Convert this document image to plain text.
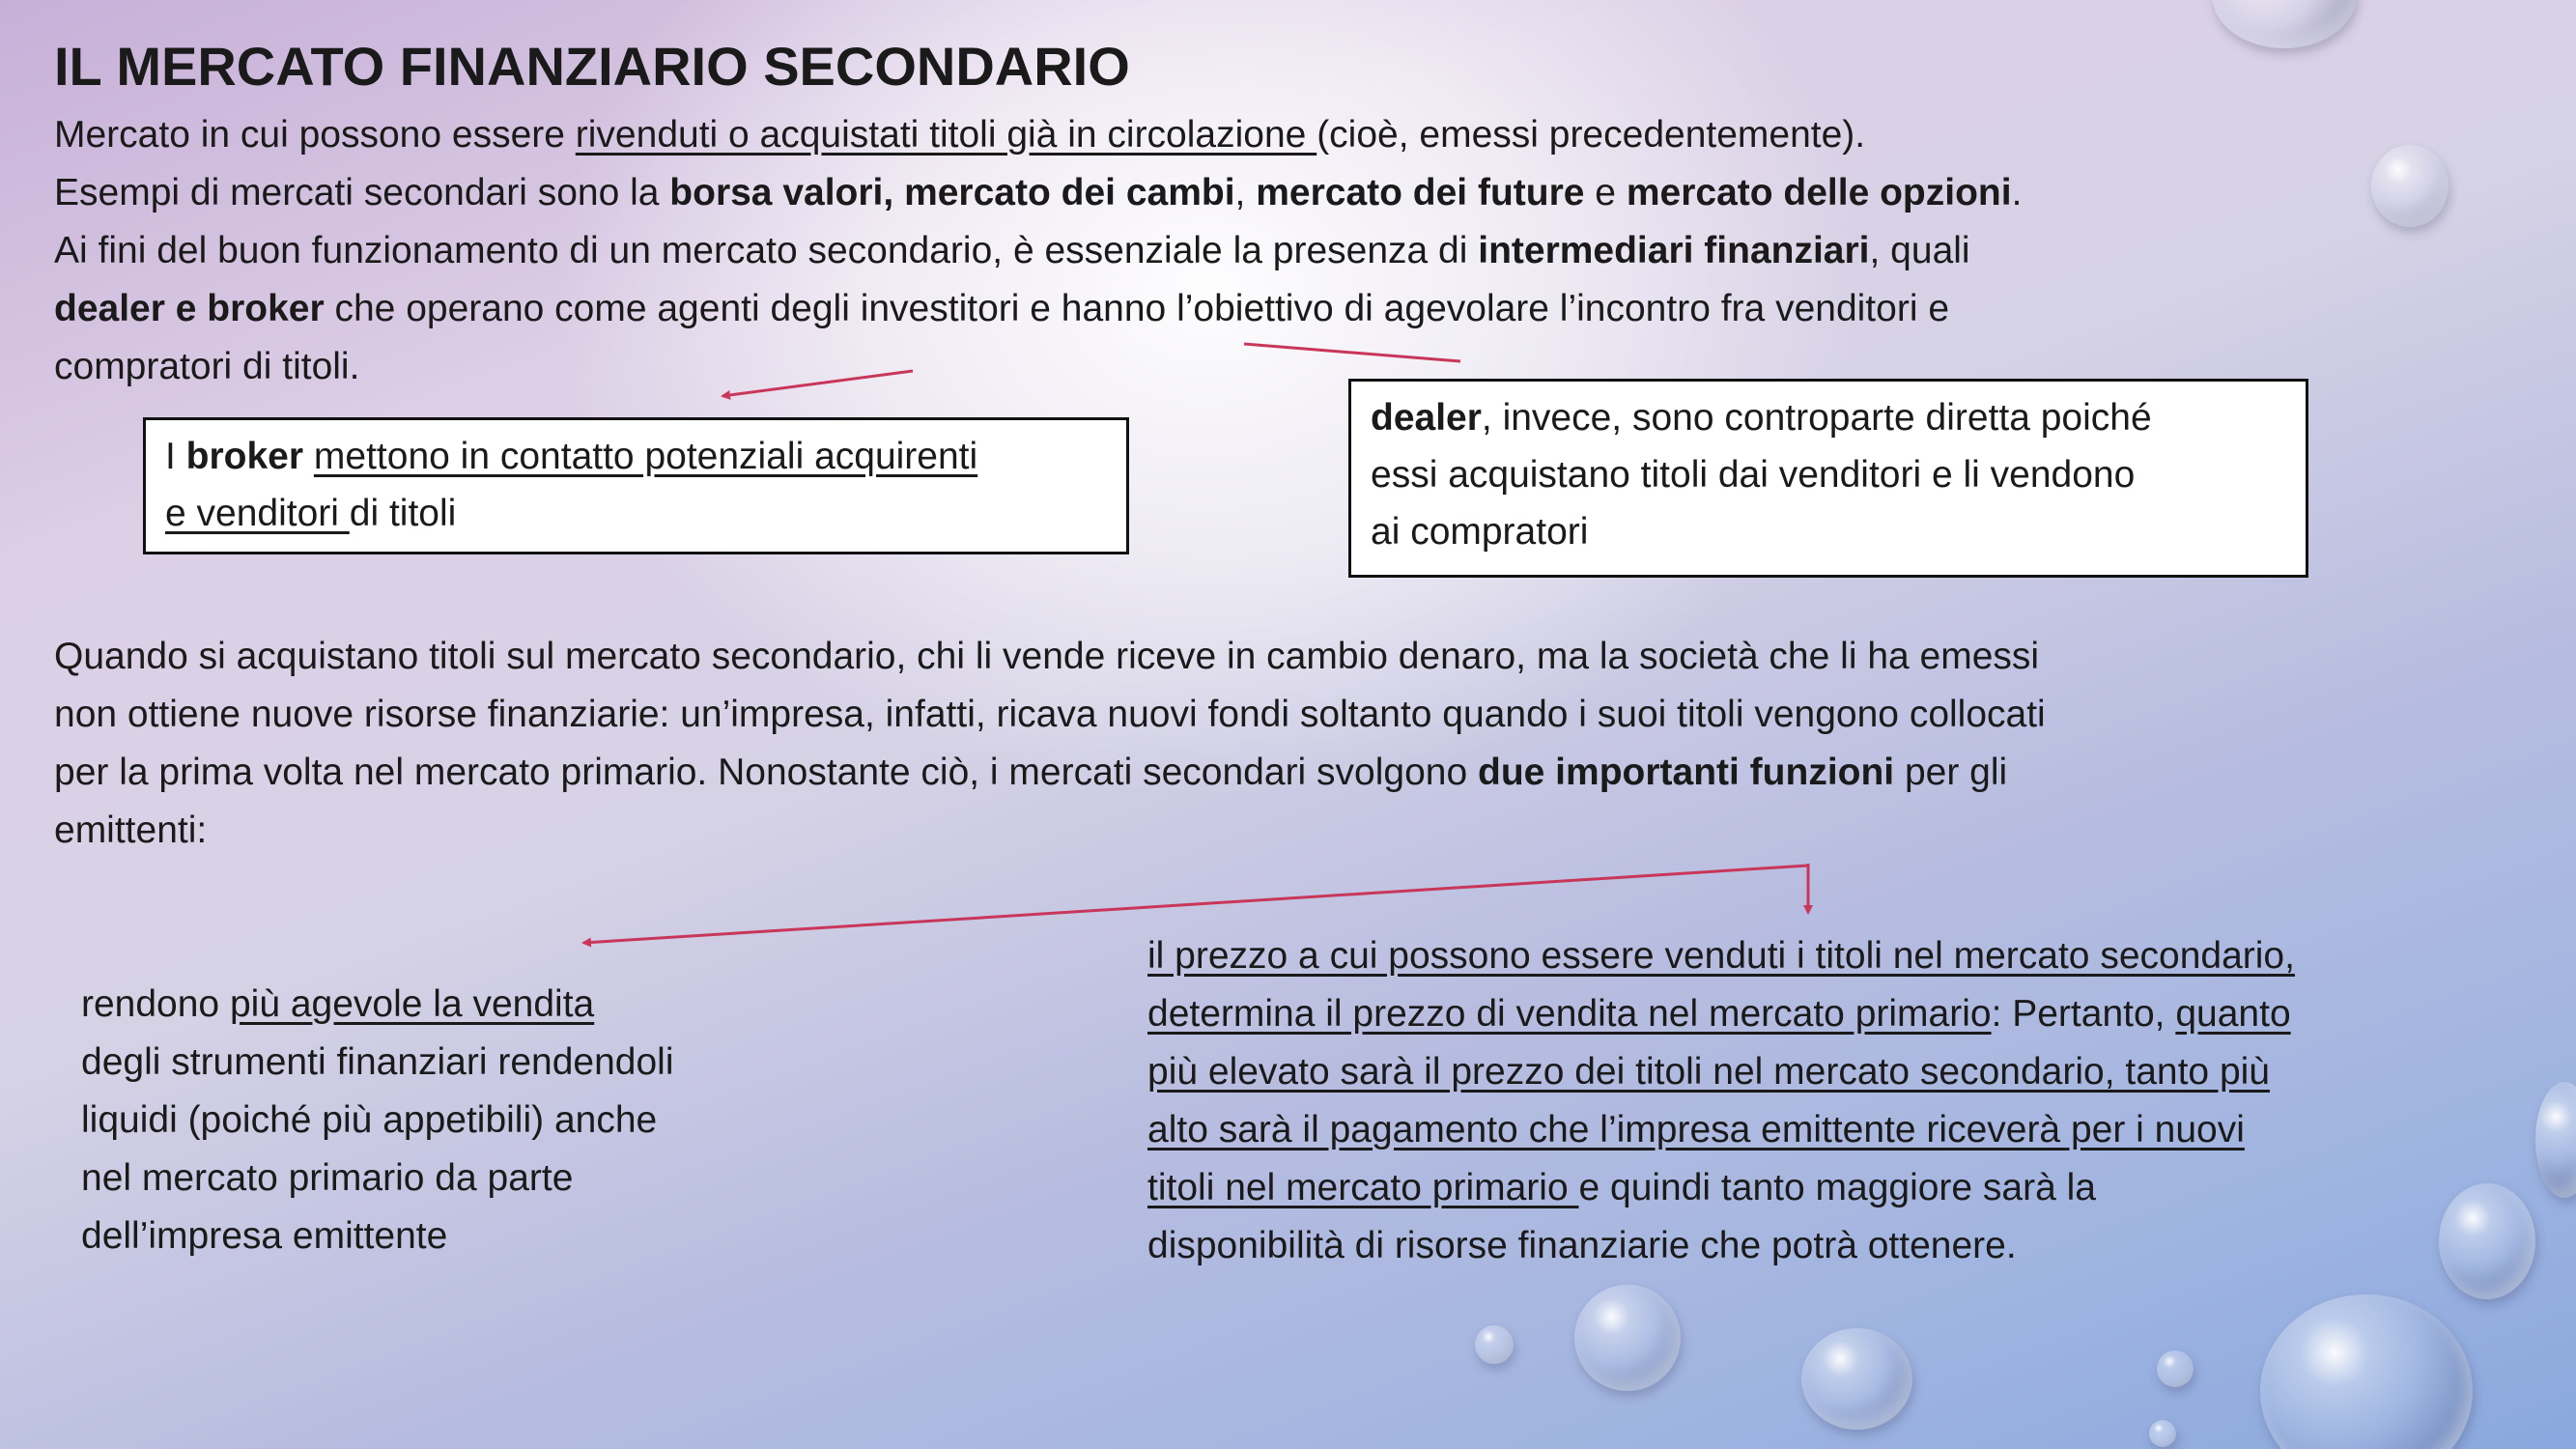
IL MERCATO FINANZIARIO SECONDARIO
Mercato in cui possono essere rivenduti o acquistati titoli già in circolazione (cioè, emessi precedentemente).
Esempi di mercati secondari sono la borsa valori, mercato dei cambi, mercato dei future e mercato delle opzioni.
Ai fini del buon funzionamento di un mercato secondario, è essenziale la presenza di intermediari finanziari, quali
dealer e broker che operano come agenti degli investitori e hanno l’obiettivo di agevolare l’incontro fra venditori e
compratori di titoli.
I broker mettono in contatto potenziali acquirenti
e venditori di titoli
dealer, invece, sono controparte diretta poiché
essi acquistano titoli dai venditori e li vendono
ai compratori
Quando si acquistano titoli sul mercato secondario, chi li vende riceve in cambio denaro, ma la società che li ha emessi
non ottiene nuove risorse finanziarie: un’impresa, infatti, ricava nuovi fondi soltanto quando i suoi titoli vengono collocati
per la prima volta nel mercato primario. Nonostante ciò, i mercati secondari svolgono due importanti funzioni per gli
emittenti:
rendono più agevole la vendita
degli strumenti finanziari rendendoli
liquidi (poiché più appetibili) anche
nel mercato primario da parte
dell’impresa emittente
il prezzo a cui possono essere venduti i titoli nel mercato secondario,
determina il prezzo di vendita nel mercato primario: Pertanto, quanto
più elevato sarà il prezzo dei titoli nel mercato secondario, tanto più
alto sarà il pagamento che l’impresa emittente riceverà per i nuovi
titoli nel mercato primario e quindi tanto maggiore sarà la
disponibilità di risorse finanziarie che potrà ottenere.
